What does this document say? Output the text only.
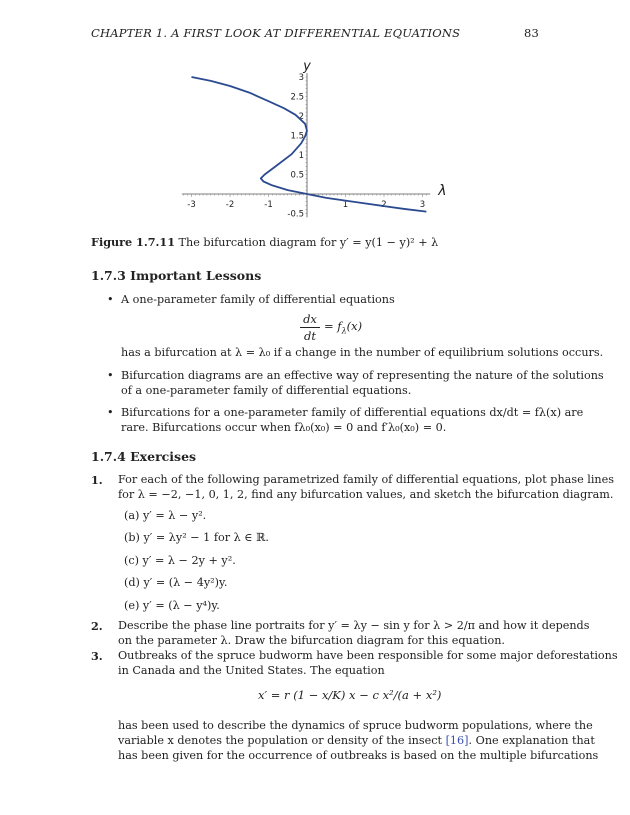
CHAPTER 1. A FIRST LOOK AT DIFFERENTIAL EQUATIONS	83
-3	-2	-1	1	2	3
-0.5
0.5
1
1.5
2
2.5
3
λ
y
Figure 1.7.11 The bifurcation diagram for y′ = y(1 − y)² + λ
1.7.3 Important Lessons
• A one-parameter family of differential equations
dx
dt
= $f_\lambda(x)$
has a bifurcation at λ = λ₀ if a change in the number of equilibrium solutions occurs.
• Bifurcation diagrams are an effective way of representing the nature of the solutions
of a one-parameter family of differential equations.
• Bifurcations for a one-parameter family of differential equations dx/dt = fλ(x) are
rare. Bifurcations occur when fλ₀(x₀) = 0 and f′λ₀(x₀) = 0.
1.7.4 Exercises
1. For each of the following parametrized family of differential equations, plot phase lines
for λ = −2, −1, 0, 1, 2, find any bifurcation values, and sketch the bifurcation diagram.
(a) y′ = λ − y².
(b) y′ = λy² − 1 for λ ∈ ℝ.
(c) y′ = λ − 2y + y².
(d) y′ = (λ − 4y²)y.
(e) y′ = (λ − y⁴)y.
2. Describe the phase line portraits for y′ = λy − sin y for λ > 2/π and how it depends
on the parameter λ. Draw the bifurcation diagram for this equation.
3. Outbreaks of the spruce budworm have been responsible for some major deforestations
in Canada and the United States. The equation
x′ = r (1 − x/K) x − c x²/(a + x²)
has been used to describe the dynamics of spruce budworm populations, where the
variable x denotes the population or density of the insect [16]. One explanation that
has been given for the occurrence of outbreaks is based on the multiple bifurcations
